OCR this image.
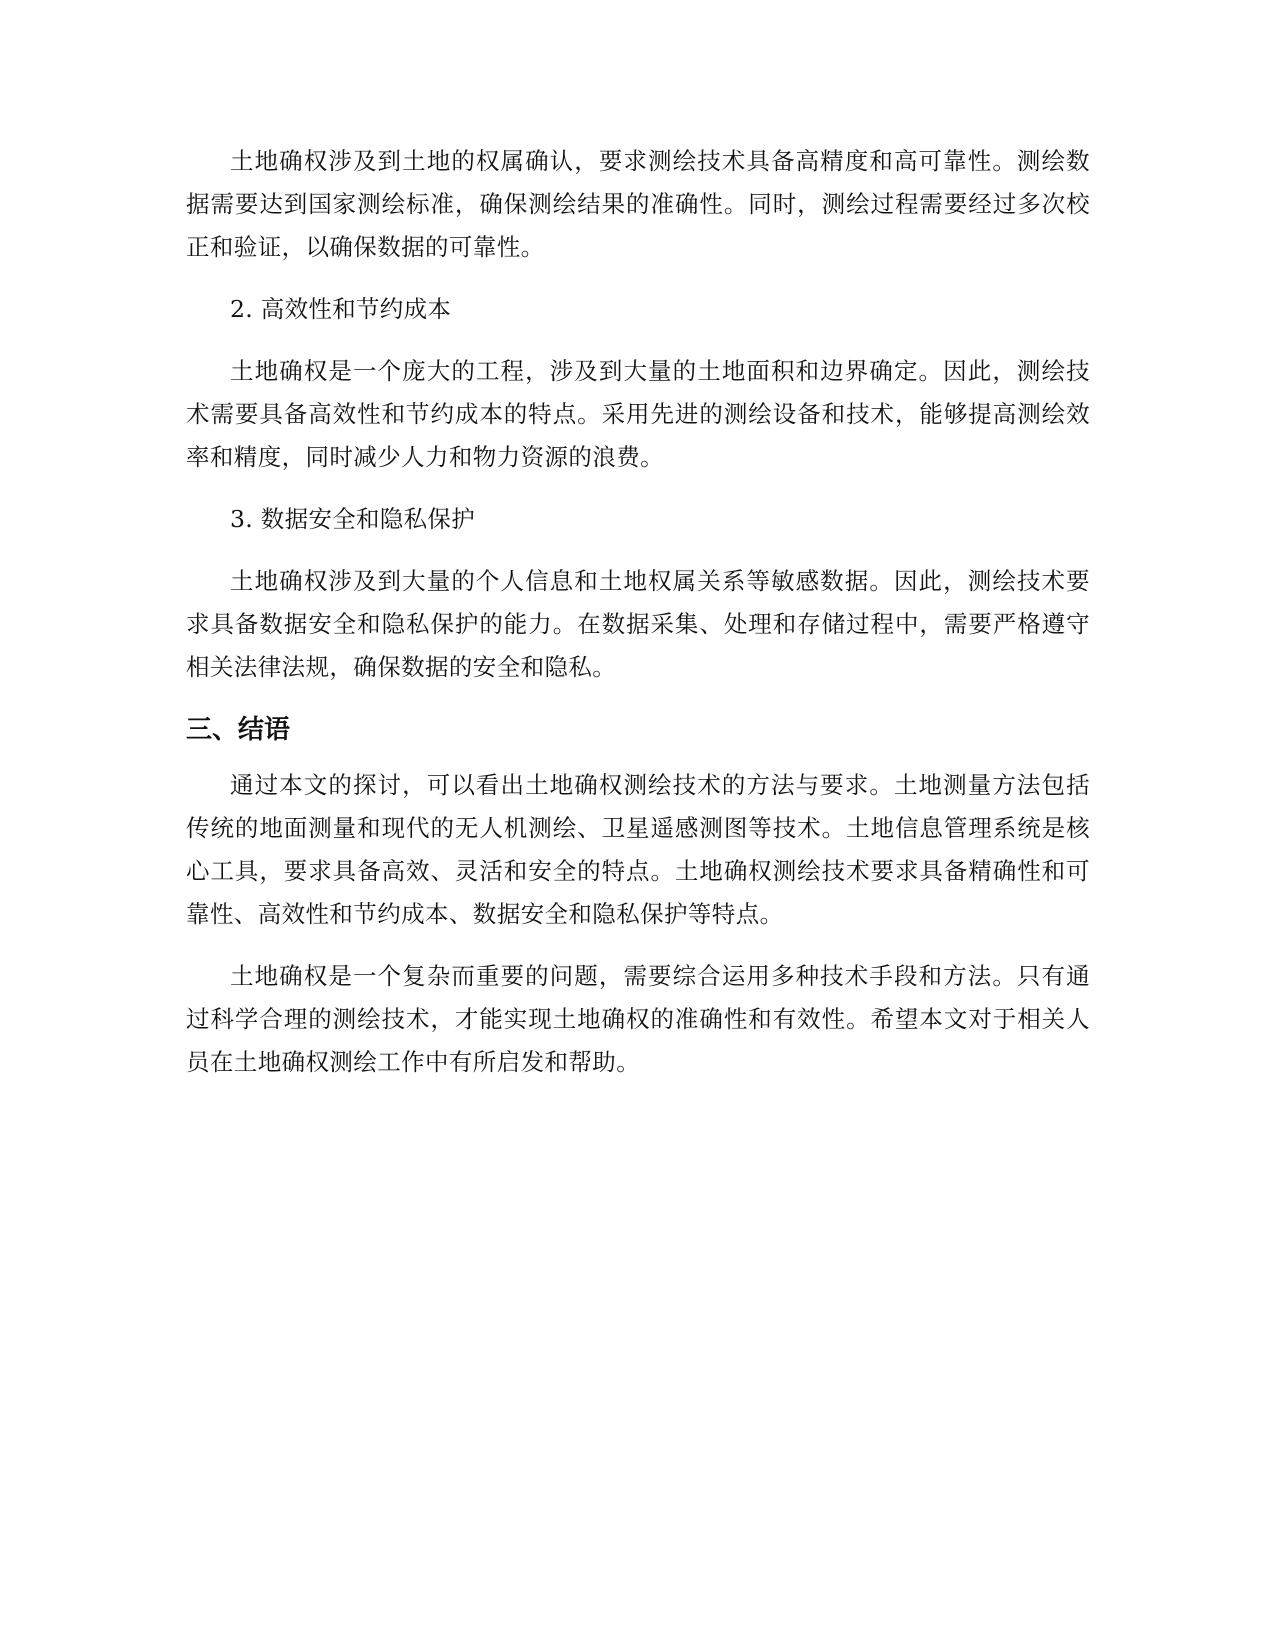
土地确权涉及到土地的权属确认，要求测绘技术具备高精度和高可靠性。测绘数据需要达到国家测绘标准，确保测绘结果的准确性。同时，测绘过程需要经过多次校正和验证，以确保数据的可靠性。

2. 高效性和节约成本

土地确权是一个庞大的工程，涉及到大量的土地面积和边界确定。因此，测绘技术需要具备高效性和节约成本的特点。采用先进的测绘设备和技术，能够提高测绘效率和精度，同时减少人力和物力资源的浪费。

3. 数据安全和隐私保护

土地确权涉及到大量的个人信息和土地权属关系等敏感数据。因此，测绘技术要求具备数据安全和隐私保护的能力。在数据采集、处理和存储过程中，需要严格遵守相关法律法规，确保数据的安全和隐私。

三、结语

通过本文的探讨，可以看出土地确权测绘技术的方法与要求。土地测量方法包括传统的地面测量和现代的无人机测绘、卫星遥感测图等技术。土地信息管理系统是核心工具，要求具备高效、灵活和安全的特点。土地确权测绘技术要求具备精确性和可靠性、高效性和节约成本、数据安全和隐私保护等特点。

土地确权是一个复杂而重要的问题，需要综合运用多种技术手段和方法。只有通过科学合理的测绘技术，才能实现土地确权的准确性和有效性。希望本文对于相关人员在土地确权测绘工作中有所启发和帮助。
